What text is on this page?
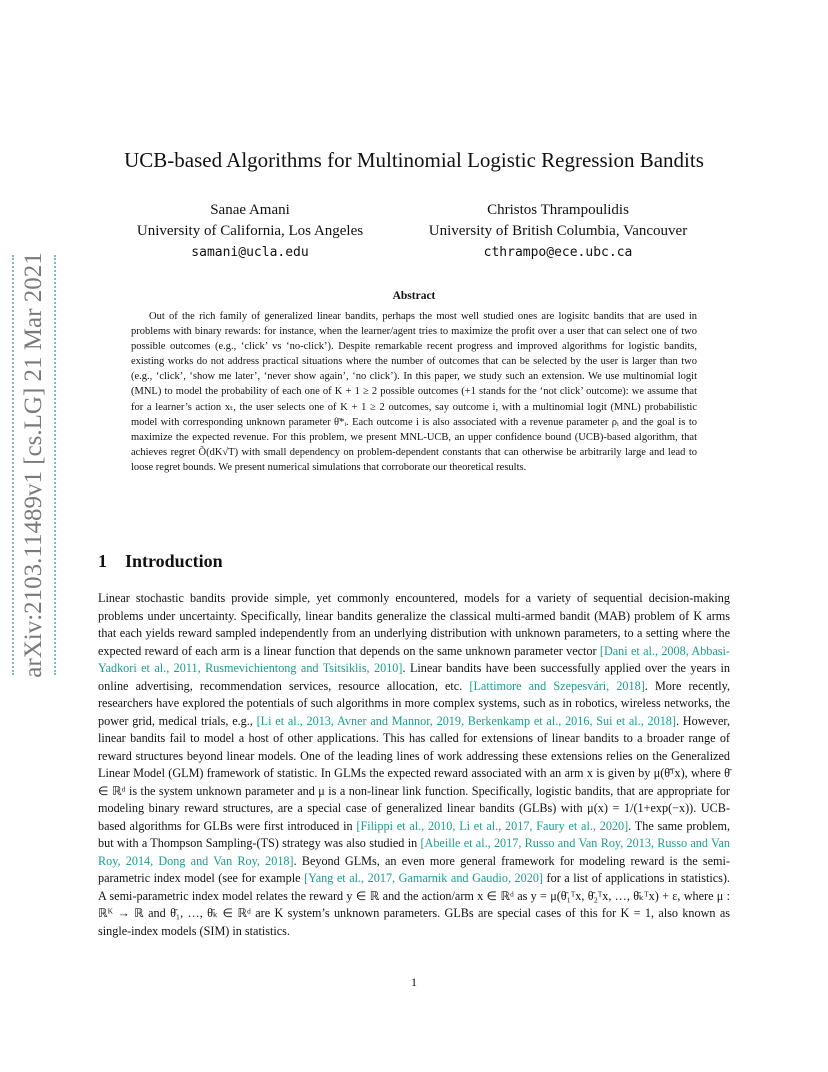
arXiv:2103.11489v1 [cs.LG] 21 Mar 2021
UCB-based Algorithms for Multinomial Logistic Regression Bandits
Sanae Amani
University of California, Los Angeles
samani@ucla.edu
Christos Thrampoulidis
University of British Columbia, Vancouver
cthrampo@ece.ubc.ca
Abstract
Out of the rich family of generalized linear bandits, perhaps the most well studied ones are logisitc bandits that are used in problems with binary rewards: for instance, when the learner/agent tries to maximize the profit over a user that can select one of two possible outcomes (e.g., ‘click’ vs ‘no-click’). Despite remarkable recent progress and improved algorithms for logistic bandits, existing works do not address practical situations where the number of outcomes that can be selected by the user is larger than two (e.g., ‘click’, ‘show me later’, ‘never show again’, ‘no click’). In this paper, we study such an extension. We use multinomial logit (MNL) to model the probability of each one of K + 1 ≥ 2 possible outcomes (+1 stands for the ‘not click’ outcome): we assume that for a learner’s action xₜ, the user selects one of K + 1 ≥ 2 outcomes, say outcome i, with a multinomial logit (MNL) probabilistic model with corresponding unknown parameter θ̄*ᵢ. Each outcome i is also associated with a revenue parameter ρᵢ and the goal is to maximize the expected revenue. For this problem, we present MNL-UCB, an upper confidence bound (UCB)-based algorithm, that achieves regret Õ(dK√T) with small dependency on problem-dependent constants that can otherwise be arbitrarily large and lead to loose regret bounds. We present numerical simulations that corroborate our theoretical results.
1 Introduction
Linear stochastic bandits provide simple, yet commonly encountered, models for a variety of sequential decision-making problems under uncertainty. Specifically, linear bandits generalize the classical multi-armed bandit (MAB) problem of K arms that each yields reward sampled independently from an underlying distribution with unknown parameters, to a setting where the expected reward of each arm is a linear function that depends on the same unknown parameter vector [Dani et al., 2008, Abbasi-Yadkori et al., 2011, Rusmevichientong and Tsitsiklis, 2010]. Linear bandits have been successfully applied over the years in online advertising, recommendation services, resource allocation, etc. [Lattimore and Szepesvári, 2018]. More recently, researchers have explored the potentials of such algorithms in more complex systems, such as in robotics, wireless networks, the power grid, medical trials, e.g., [Li et al., 2013, Avner and Mannor, 2019, Berkenkamp et al., 2016, Sui et al., 2018]. However, linear bandits fail to model a host of other applications. This has called for extensions of linear bandits to a broader range of reward structures beyond linear models. One of the leading lines of work addressing these extensions relies on the Generalized Linear Model (GLM) framework of statistic. In GLMs the expected reward associated with an arm x is given by μ(θ̄ᵀx), where θ̄ ∈ ℝᵈ is the system unknown parameter and μ is a non-linear link function. Specifically, logistic bandits, that are appropriate for modeling binary reward structures, are a special case of generalized linear bandits (GLBs) with μ(x) = 1/(1+exp(−x)). UCB-based algorithms for GLBs were first introduced in [Filippi et al., 2010, Li et al., 2017, Faury et al., 2020]. The same problem, but with a Thompson Sampling-(TS) strategy was also studied in [Abeille et al., 2017, Russo and Van Roy, 2013, Russo and Van Roy, 2014, Dong and Van Roy, 2018]. Beyond GLMs, an even more general framework for modeling reward is the semi-parametric index model (see for example [Yang et al., 2017, Gamarnik and Gaudio, 2020] for a list of applications in statistics). A semi-parametric index model relates the reward y ∈ ℝ and the action/arm x ∈ ℝᵈ as y = μ(θ̄₁ᵀx, θ̄₂ᵀx, …, θ̄ₖᵀx) + ε, where μ : ℝᴷ → ℝ and θ̄₁, …, θ̄ₖ ∈ ℝᵈ are K system’s unknown parameters. GLBs are special cases of this for K = 1, also known as single-index models (SIM) in statistics.
1
